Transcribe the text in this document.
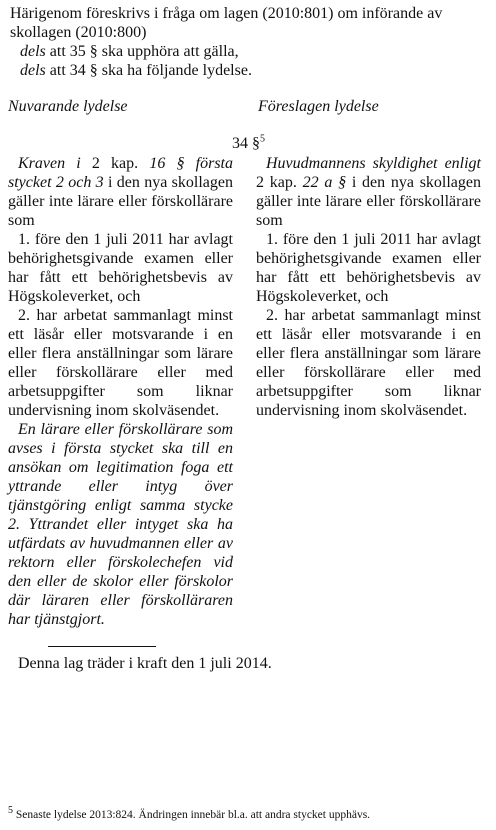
Härigenom föreskrivs i fråga om lagen (2010:801) om införande av skollagen (2010:800)

dels att 35 § ska upphöra att gälla,

dels att 34 § ska ha följande lydelse.

Nuvarande lydelse	Föreslagen lydelse
34 §$^5$

Kraven i 2 kap. 16 § första stycket 2 och 3 i den nya skollagen gäller inte lärare eller förskollärare som

1. före den 1 juli 2011 har avlagt behörighetsgivande examen eller har fått ett behörighetsbevis av Högskoleverket, och

2. har arbetat sammanlagt minst ett läsår eller motsvarande i en eller flera anställningar som lärare eller förskollärare eller med arbetsuppgifter som liknar undervisning inom skolväsendet.

En lärare eller förskollärare som avses i första stycket ska till en ansökan om legitimation foga ett yttrande eller intyg över tjänstgöring enligt samma stycke 2. Yttrandet eller intyget ska ha utfärdats av huvudmannen eller av rektorn eller förskolechefen vid den eller de skolor eller förskolor där läraren eller förskolläraren har tjänstgjort.

Huvudmannens skyldighet enligt 2 kap. 22 a § i den nya skollagen gäller inte lärare eller förskollärare som

1. före den 1 juli 2011 har avlagt behörighetsgivande examen eller har fått ett behörighetsbevis av Högskoleverket, och

2. har arbetat sammanlagt minst ett läsår eller motsvarande i en eller flera anställningar som lärare eller förskollärare eller med arbetsuppgifter som liknar undervisning inom skolväsendet.

Denna lag träder i kraft den 1 juli 2014.
$^5$ Senaste lydelse 2013:824. Ändringen innebär bl.a. att andra stycket upphävs.
